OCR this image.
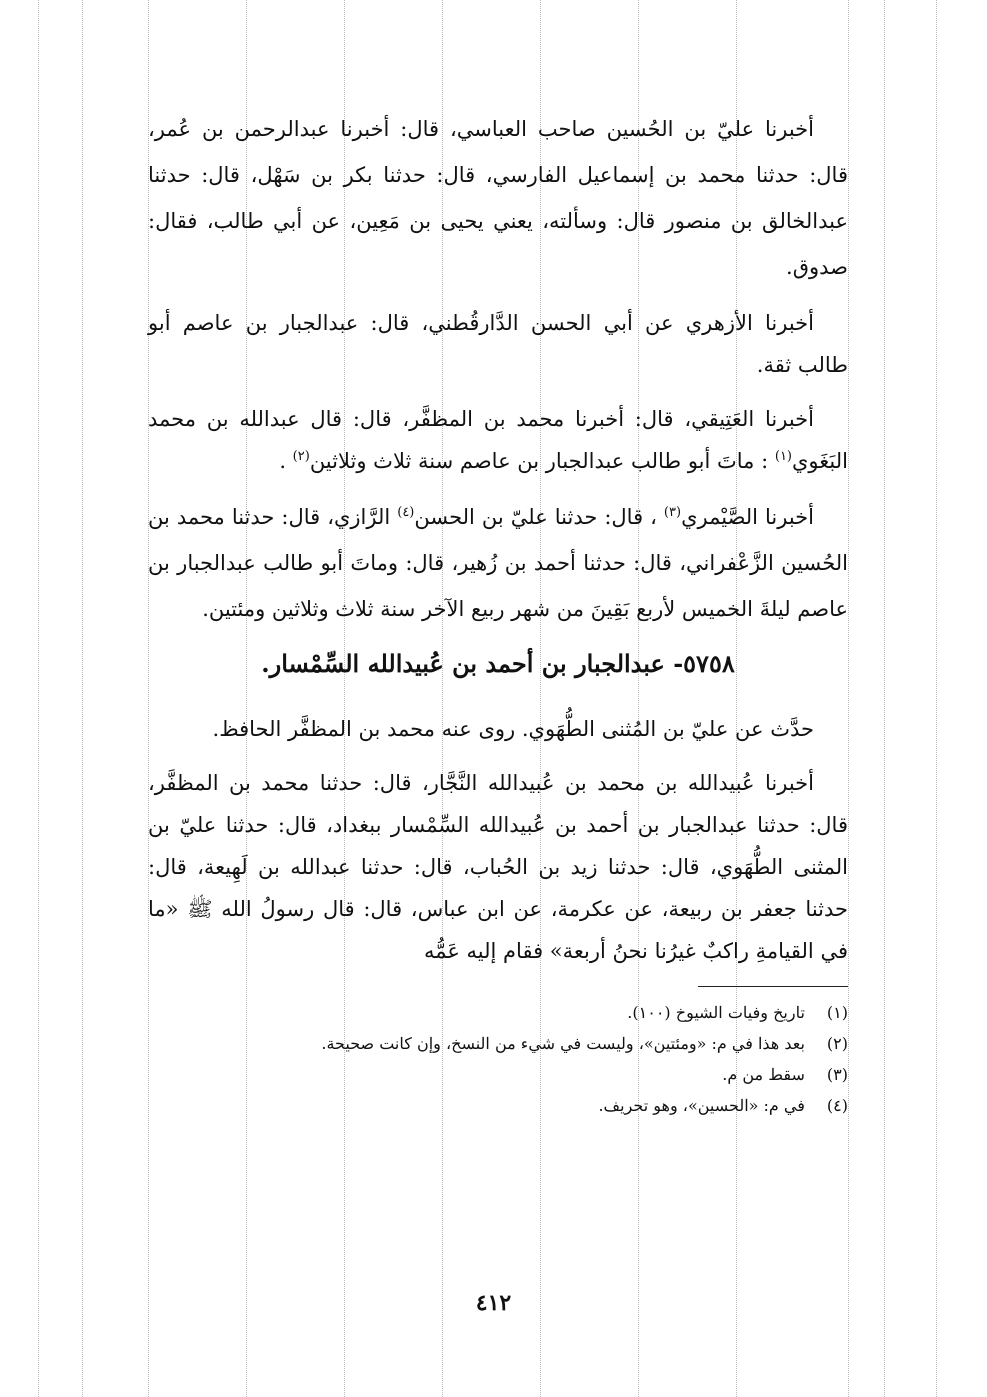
أخبرنا عليّ بن الحُسين صاحب العباسي، قال: أخبرنا عبدالرحمن بن عُمر، قال: حدثنا محمد بن إسماعيل الفارسي، قال: حدثنا بكر بن سَهْل، قال: حدثنا عبدالخالق بن منصور قال: وسألته، يعني يحيى بن مَعِين، عن أبي طالب، فقال: صدوق.

أخبرنا الأزهري عن أبي الحسن الدَّارقُطني، قال: عبدالجبار بن عاصم أبو طالب ثقة.

أخبرنا العَتِيقي، قال: أخبرنا محمد بن المظفَّر، قال: قال عبدالله بن محمد البَغَوي$^{(١)}$ : ماتَ أبو طالب عبدالجبار بن عاصم سنة ثلاث وثلاثين$^{(٢)}$ .

أخبرنا الصَّيْمري$^{(٣)}$ ، قال: حدثنا عليّ بن الحسن$^{(٤)}$ الرَّازي، قال: حدثنا محمد بن الحُسين الزَّعْفراني، قال: حدثنا أحمد بن زُهير، قال: وماتَ أبو طالب عبدالجبار بن عاصم ليلةَ الخميس لأربع بَقِينَ من شهر ربيع الآخر سنة ثلاث وثلاثين ومئتين.

٥٧٥٨- عبدالجبار بن أحمد بن عُبيدالله السِّمْسار.

حدَّث عن عليّ بن المُثنى الطُّهَوي. روى عنه محمد بن المظفَّر الحافظ.

أخبرنا عُبيدالله بن محمد بن عُبيدالله النَّجَّار، قال: حدثنا محمد بن المظفَّر، قال: حدثنا عبدالجبار بن أحمد بن عُبيدالله السِّمْسار ببغداد، قال: حدثنا عليّ بن المثنى الطُّهَوي، قال: حدثنا زيد بن الحُباب، قال: حدثنا عبدالله بن لَهِيعة، قال: حدثنا جعفر بن ربيعة، عن عكرمة، عن ابن عباس، قال: قال رسولُ الله ﷺ «ما في القيامةِ راكبٌ غيرُنا نحنُ أربعة» فقام إليه عَمُّه

(١) تاريخ وفيات الشيوخ (١٠٠).

(٢) بعد هذا في م: «ومئتين»، وليست في شيء من النسخ، وإن كانت صحيحة.

(٣) سقط من م.

(٤) في م: «الحسين»، وهو تحريف.

٤١٢
